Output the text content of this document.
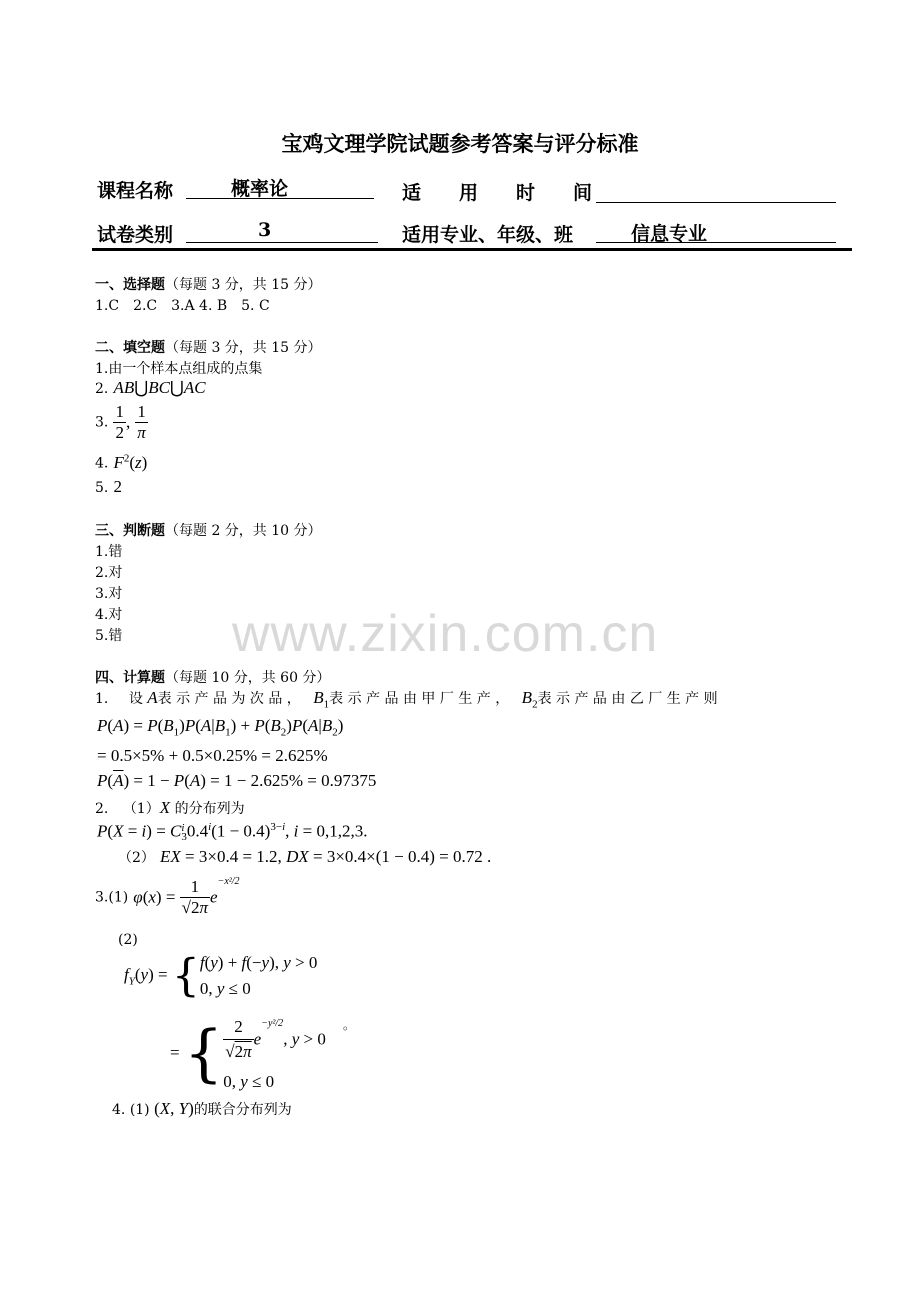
www.zixin.com.cn
宝鸡文理学院试题参考答案与评分标准
课程名称	概率论	适　　用　　时　　间
试卷类别	3	适用专业、年级、班	信息专业
一、选择题（每题 3 分，共 15 分）
1.C　2.C　3.A 4. B　5. C
二、填空题（每题 3 分，共 15 分）
1.由一个样本点组成的点集
2. AB⋃BC⋃AC
3. $\frac{1}{2}$ , $\frac{1}{\pi}$
4. $F^2(z)$
5. 2
三、判断题（每题 2 分，共 10 分）
1.错
2.对
3.对
4.对
5.错
四、计算题（每题 10 分，共 60 分）
1. 设 A表 示 产 品 为 次 品 ， $B_1$表 示 产 品 由 甲 厂 生 产 ， $B_2$表 示 产 品 由 乙 厂 生 产 则
$P(A) = P(B_1)P(A|B_1) + P(B_2)P(A|B_2)$
= 0.5×5% + 0.5×0.25% = 2.625%
$P(\overline{A}) = 1 - P(A) = 1 - 2.625\% = 0.97375$
2. （1）X 的分布列为
P(X = i) = C i
3 $0.4^i(1 - 0.4)^{3-i}$, i = 0,1,2,3.
（2） EX = 3×0.4 = 1.2, DX = 3×0.4×(1 − 0.4) = 0.72 .
3.(1) $\varphi(x) = \frac{1}{√2\pi} e^{-x^2/2}$
(2)
$f_Y(y)$ = { f(y) + f(−y), y > 0
0, y ≤ 0
= { $\frac{2}{√2\pi} e^{-y^2/2}$, y > 0
0, y ≤ 0
。
4. (1) (X, Y)的联合分布列为
